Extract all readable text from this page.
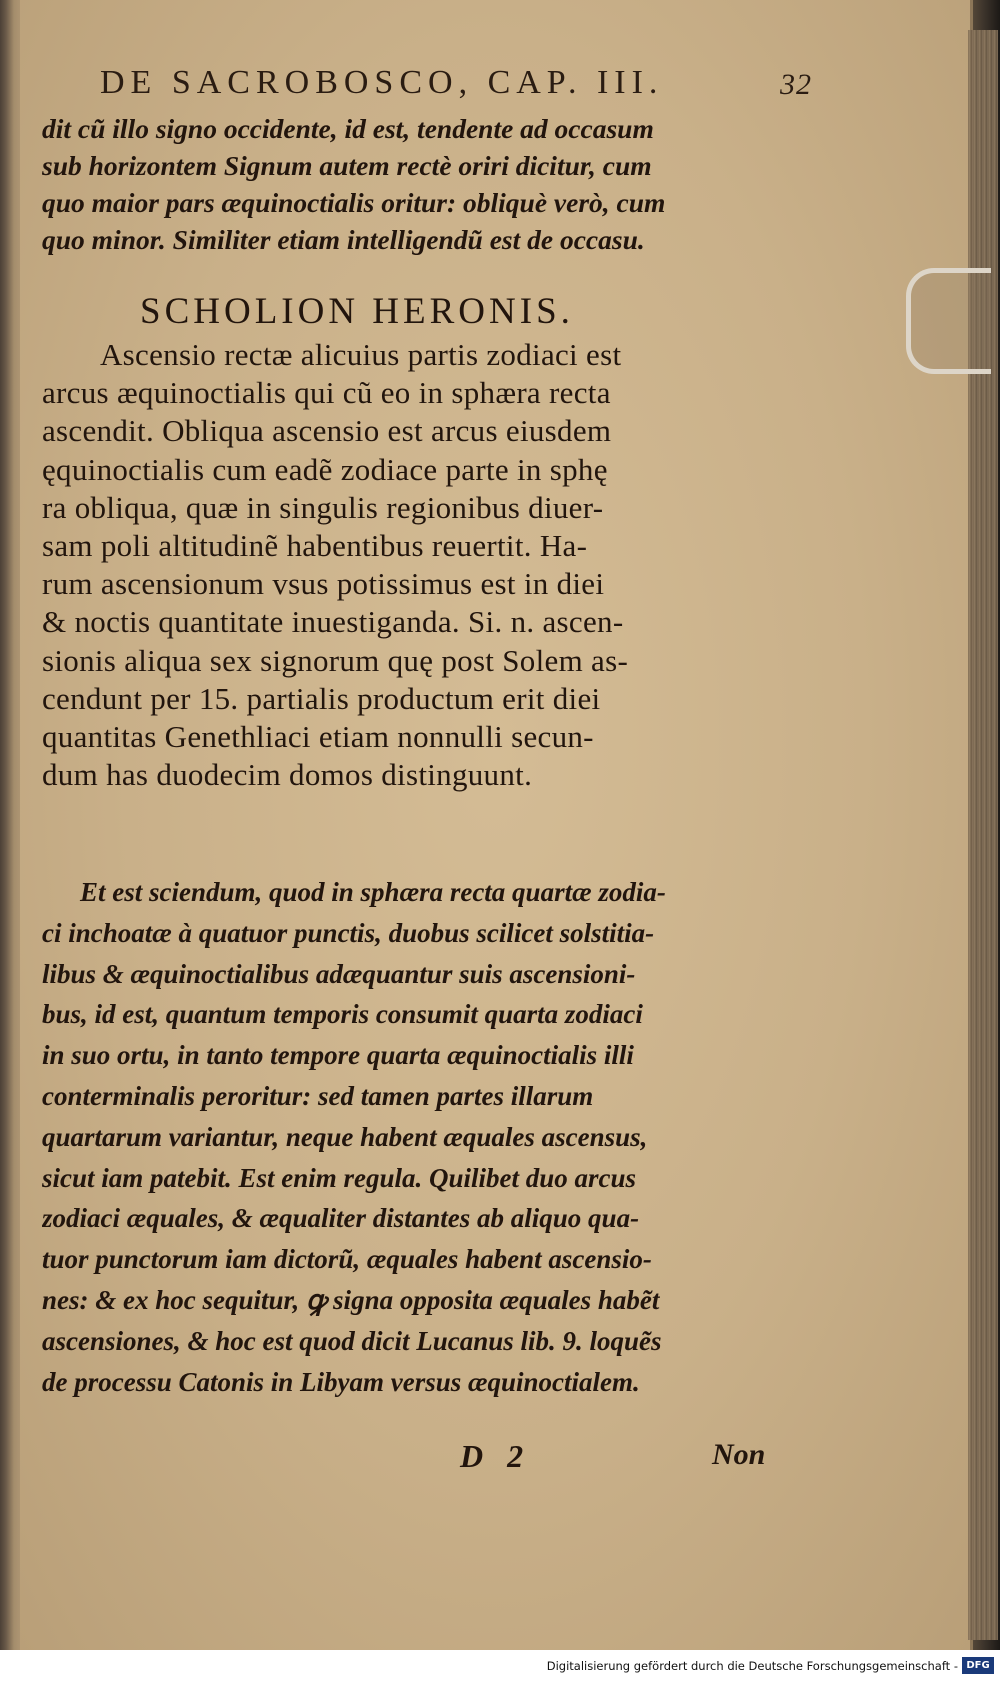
DE SACROBOSCO, CAP. III.	32
dit cũ illo signo occidente, id est, tendente ad occasum
sub horizontem Signum autem rectè oriri dicitur, cum
quo maior pars æquinoctialis oritur: obliquè verò, cum
quo minor. Similiter etiam intelligendũ est de occasu.
SCHOLION HERONIS.
Ascensio rectæ alicuius partis zodiaci est
arcus æquinoctialis qui cũ eo in sphæra recta
ascendit. Obliqua ascensio est arcus eiusdem
ęquinoctialis cum eadẽ zodiace parte in sphę
ra obliqua, quæ in singulis regionibus diuer-
sam poli altitudinẽ habentibus reuertit. Ha-
rum ascensionum vsus potissimus est in diei
& noctis quantitate inuestiganda. Si. n. ascen-
sionis aliqua sex signorum quę post Solem as-
cendunt per 15. partialis productum erit diei
quantitas Genethliaci etiam nonnulli secun-
dum has duodecim domos distinguunt.
Et est sciendum, quod in sphæra recta quartæ zodia-
ci inchoatæ à quatuor punctis, duobus scilicet solstitia-
libus & æquinoctialibus adæquantur suis ascensioni-
bus, id est, quantum temporis consumit quarta zodiaci
in suo ortu, in tanto tempore quarta æquinoctialis illi
conterminalis peroritur: sed tamen partes illarum
quartarum variantur, neque habent æquales ascensus,
sicut iam patebit. Est enim regula. Quilibet duo arcus
zodiaci æquales, & æqualiter distantes ab aliquo qua-
tuor punctorum iam dictorũ, æquales habent ascensio-
nes: & ex hoc sequitur, ꝙ signa opposita æquales habẽt
ascensiones, & hoc est quod dicit Lucanus lib. 9. loquẽs
de processu Catonis in Libyam versus æquinoctialem.
D 2	Non
Digitalisierung gefördert durch die Deutsche Forschungsgemeinschaft - DFG
